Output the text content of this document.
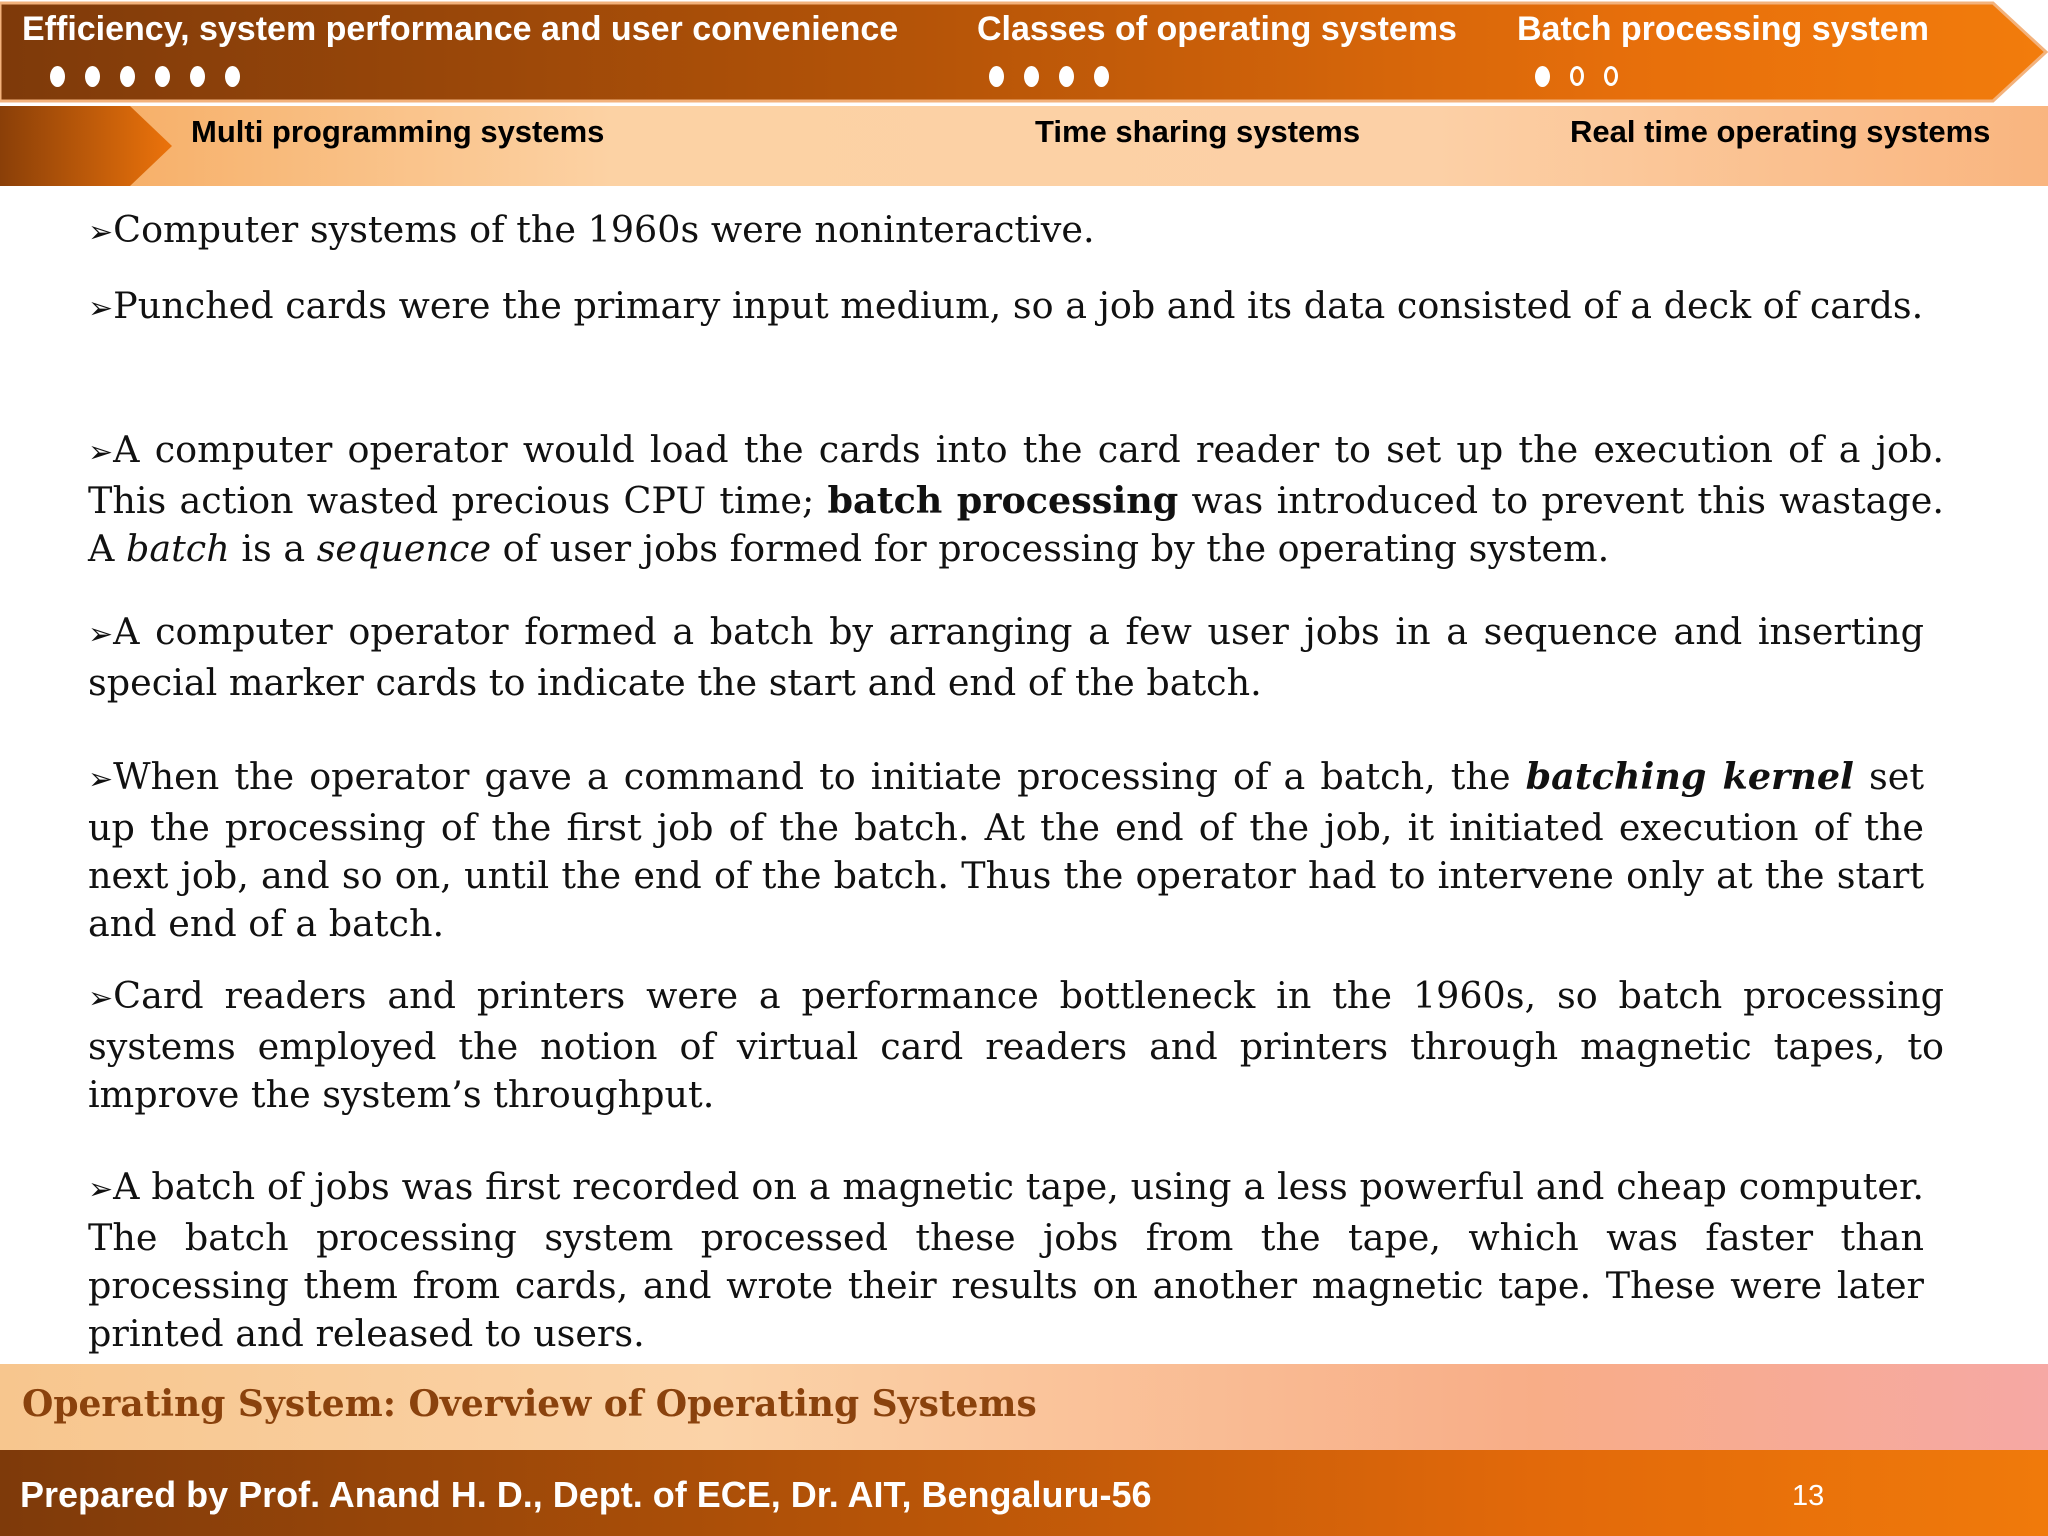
Efficiency, system performance and user convenience Classes of operating systems Batch processing system
Multi programming systems	Time sharing systems	Real time operating systems

➢Computer systems of the 1960s were noninteractive.

➢Punched cards were the primary input medium, so a job and its data consisted of a deck of cards.

➢A computer operator would load the cards into the card reader to set up the execution of a job. This action wasted precious CPU time; batch processing was introduced to prevent this wastage. A batch is a sequence of user jobs formed for processing by the operating system.

➢A computer operator formed a batch by arranging a few user jobs in a sequence and inserting special marker cards to indicate the start and end of the batch.

➢When the operator gave a command to initiate processing of a batch, the batching kernel set up the processing of the first job of the batch. At the end of the job, it initiated execution of the next job, and so on, until the end of the batch. Thus the operator had to intervene only at the start and end of a batch.

➢Card readers and printers were a performance bottleneck in the 1960s, so batch processing systems employed the notion of virtual card readers and printers through magnetic tapes, to improve the system’s throughput.

➢A batch of jobs was first recorded on a magnetic tape, using a less powerful and cheap computer. The batch processing system processed these jobs from the tape, which was faster than processing them from cards, and wrote their results on another magnetic tape. These were later printed and released to users.

Operating System: Overview of Operating Systems
Prepared by Prof. Anand H. D., Dept. of ECE, Dr. AIT, Bengaluru-56	13
